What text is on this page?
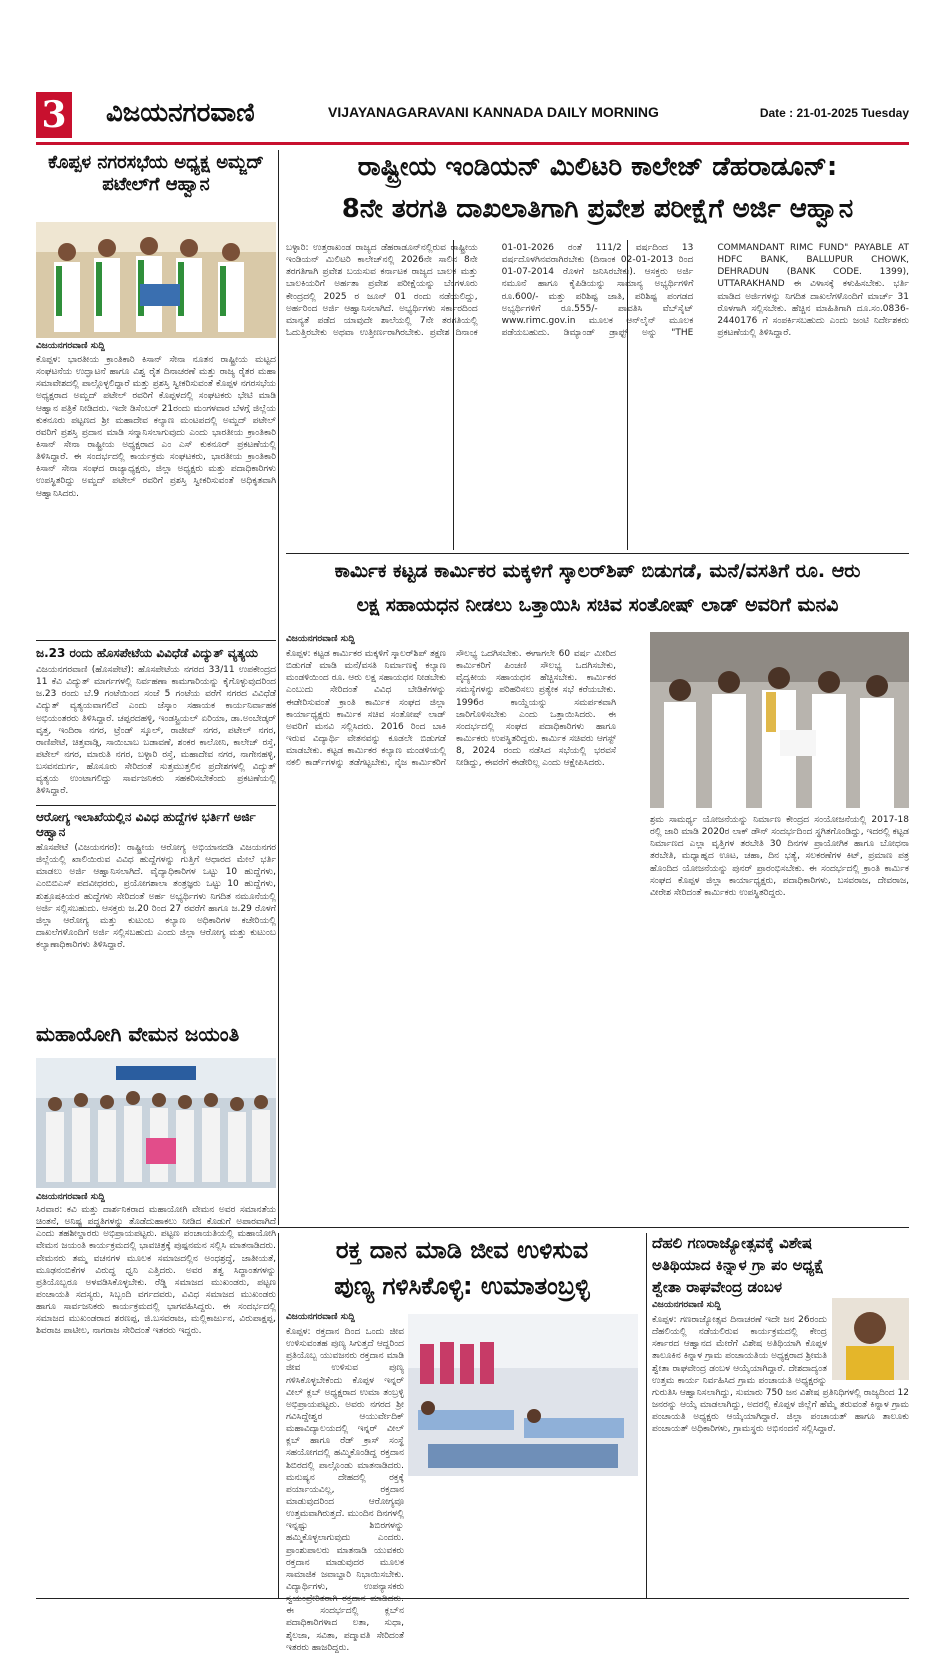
3 ವಿಜಯನಗರವಾಣಿ	VIJAYANAGARAVANI KANNADA DAILY MORNING	Date : 21-01-2025 Tuesday
ಕೊಪ್ಪಳ ನಗರಸಭೆಯ ಅಧ್ಯಕ್ಷ ಅಮ್ಜದ್ ಪಟೇಲ್‌ಗೆ ಆಹ್ವಾನ
ವಿಜಯನಗರವಾಣಿ ಸುದ್ದಿ
ಕೊಪ್ಪಳ: ಭಾರತೀಯ ಕ್ರಾಂತಿಕಾರಿ ಕಿಸಾನ್ ಸೇನಾ ನೂತನ ರಾಷ್ಟ್ರೀಯ ಮಟ್ಟದ ಸಂಘಟನೆಯ ಉದ್ಘಾಟನೆ ಹಾಗೂ ವಿಶ್ವ ರೈತ ದಿನಾಚರಣೆ ಮತ್ತು ರಾಜ್ಯ ರೈತರ ಮಹಾ ಸಮಾವೇಶದಲ್ಲಿ ಪಾಲ್ಗೊಳ್ಳಲಿದ್ದಾರೆ ಮತ್ತು ಪ್ರಶಸ್ತಿ ಸ್ವೀಕರಿಸುವಂತೆ ಕೊಪ್ಪಳ ನಗರಸಭೆಯ ಅಧ್ಯಕ್ಷರಾದ ಅಮ್ಜದ್ ಪಟೇಲ್ ರವರಿಗೆ ಕೊಪ್ಪಳದಲ್ಲಿ ಸಂಘಟಕರು ಭೇಟಿ ಮಾಡಿ ಆಹ್ವಾನ ಪತ್ರಿಕೆ ನೀಡಿದರು. ಇದೇ ಡಿಸೆಂಬರ್ 21ರಂದು ಮಂಗಳವಾರ ಬೆಳಗ್ಗೆ ಜಿಲ್ಲೆಯ ಕುಕನೂರು ಪಟ್ಟಣದ ಶ್ರೀ ಮಹಾದೇವ ಕಲ್ಯಾಣ ಮಂಟಪದಲ್ಲಿ ಅಮ್ಜದ್ ಪಟೇಲ್ ರವರಿಗೆ ಪ್ರಶಸ್ತಿ ಪ್ರದಾನ ಮಾಡಿ ಸನ್ಮಾನಿಸಲಾಗುವುದು ಎಂದು ಭಾರತೀಯ ಕ್ರಾಂತಿಕಾರಿ ಕಿಸಾನ್ ಸೇನಾ ರಾಷ್ಟ್ರೀಯ ಅಧ್ಯಕ್ಷರಾದ ಎಂ ಎಸ್ ಕುಕನೂರ್ ಪ್ರಕಟಣೆಯಲ್ಲಿ ತಿಳಿಸಿದ್ದಾರೆ. ಈ ಸಂದರ್ಭದಲ್ಲಿ ಕಾರ್ಯಕ್ರಮ ಸಂಘಟಕರು, ಭಾರತೀಯ ಕ್ರಾಂತಿಕಾರಿ ಕಿಸಾನ್ ಸೇನಾ ಸಂಘದ ರಾಜ್ಯಾಧ್ಯಕ್ಷರು, ಜಿಲ್ಲಾ ಅಧ್ಯಕ್ಷರು ಮತ್ತು ಪದಾಧಿಕಾರಿಗಳು ಉಪಸ್ಥಿತರಿದ್ದು ಅಮ್ಜದ್ ಪಟೇಲ್ ರವರಿಗೆ ಪ್ರಶಸ್ತಿ ಸ್ವೀಕರಿಸುವಂತೆ ಅಧಿಕೃತವಾಗಿ ಆಹ್ವಾನಿಸಿದರು.
ಜ.23 ರಂದು ಹೊಸಪೇಟೆಯ ವಿವಿಧೆಡೆ ವಿದ್ಯುತ್ ವ್ಯತ್ಯಯ
ವಿಜಯನಗರವಾಣಿ (ಹೊಸಪೇಟೆ): ಹೊಸಪೇಟೆಯ ನಗರದ 33/11 ಉಪಕೇಂದ್ರದ 11 ಕೆವಿ ವಿದ್ಯುತ್ ಮಾರ್ಗಗಳಲ್ಲಿ ನಿರ್ವಹಣಾ ಕಾಮಗಾರಿಯನ್ನು ಕೈಗೊಳ್ಳುವುದರಿಂದ ಜ.23 ರಂದು ಬೆ.9 ಗಂಟೆಯಿಂದ ಸಂಜೆ 5 ಗಂಟೆಯ ವರೆಗೆ ನಗರದ ವಿವಿಧೆಡೆ ವಿದ್ಯುತ್ ವ್ಯತ್ಯಯವಾಗಲಿದೆ ಎಂದು ಜೆಸ್ಕಾಂ ಸಹಾಯಕ ಕಾರ್ಯನಿರ್ವಾಹಕ ಅಭಿಯಂತರರು ತಿಳಿಸಿದ್ದಾರೆ. ಚಪ್ಪರದಹಳ್ಳಿ, ಇಂಡಸ್ಟ್ರಿಯಲ್ ಏರಿಯಾ, ಡಾ.ಅಂಬೇಡ್ಕರ್ ವೃತ್ತ, ಇಂದಿರಾ ನಗರ, ಟ್ರೆಂಡ್ ಸ್ಕೂಲ್, ರಾಜೀವ್ ನಗರ, ಪಟೇಲ್ ನಗರ, ರಾಣಿಪೇಟೆ, ಚಿತ್ತವಾಡ್ಗಿ, ಸಾಯಿಬಾಬ ಬಡಾವಣೆ, ಶಂಕರ ಕಾಲೋನಿ, ಕಾಲೇಜ್ ರಸ್ತೆ, ಪಟೇಲ್ ನಗರ, ಮಾರುತಿ ನಗರ, ಬಳ್ಳಾರಿ ರಸ್ತೆ, ಮಹಾದೇವ ನಗರ, ನಾಗೇನಹಳ್ಳಿ, ಬಸವನದುರ್ಗ, ಹೊಸೂರು ಸೇರಿದಂತೆ ಸುತ್ತಮುತ್ತಲಿನ ಪ್ರದೇಶಗಳಲ್ಲಿ ವಿದ್ಯುತ್ ವ್ಯತ್ಯಯ ಉಂಟಾಗಲಿದ್ದು ಸಾರ್ವಜನಿಕರು ಸಹಕರಿಸಬೇಕೆಂದು ಪ್ರಕಟಣೆಯಲ್ಲಿ ತಿಳಿಸಿದ್ದಾರೆ.
ಆರೋಗ್ಯ ಇಲಾಖೆಯಲ್ಲಿನ ವಿವಿಧ ಹುದ್ದೆಗಳ ಭರ್ತಿಗೆ ಅರ್ಜಿ ಆಹ್ವಾನ
ಹೊಸಪೇಟೆ (ವಿಜಯನಗರ): ರಾಷ್ಟ್ರೀಯ ಆರೋಗ್ಯ ಅಭಿಯಾನದಡಿ ವಿಜಯನಗರ ಜಿಲ್ಲೆಯಲ್ಲಿ ಖಾಲಿಯಿರುವ ವಿವಿಧ ಹುದ್ದೆಗಳನ್ನು ಗುತ್ತಿಗೆ ಆಧಾರದ ಮೇಲೆ ಭರ್ತಿ ಮಾಡಲು ಅರ್ಜಿ ಆಹ್ವಾನಿಸಲಾಗಿದೆ. ವೈದ್ಯಾಧಿಕಾರಿಗಳ ಒಟ್ಟು 10 ಹುದ್ದೆಗಳು, ಎಂಬಿಬಿಎಸ್ ಪದವೀಧರರು, ಪ್ರಯೋಗಶಾಲಾ ತಂತ್ರಜ್ಞರು ಒಟ್ಟು 10 ಹುದ್ದೆಗಳು, ಶುಶ್ರೂಷಕಿಯರ ಹುದ್ದೆಗಳು ಸೇರಿದಂತೆ ಅರ್ಹ ಅಭ್ಯರ್ಥಿಗಳು ನಿಗದಿತ ನಮೂನೆಯಲ್ಲಿ ಅರ್ಜಿ ಸಲ್ಲಿಸಬಹುದು. ಆಸಕ್ತರು ಜ.20 ರಿಂದ 27 ರವರೆಗೆ ಹಾಗೂ ಜ.29 ರೊಳಗೆ ಜಿಲ್ಲಾ ಆರೋಗ್ಯ ಮತ್ತು ಕುಟುಂಬ ಕಲ್ಯಾಣ ಅಧಿಕಾರಿಗಳ ಕಚೇರಿಯಲ್ಲಿ ದಾಖಲೆಗಳೊಂದಿಗೆ ಅರ್ಜಿ ಸಲ್ಲಿಸಬಹುದು ಎಂದು ಜಿಲ್ಲಾ ಆರೋಗ್ಯ ಮತ್ತು ಕುಟುಂಬ ಕಲ್ಯಾಣಾಧಿಕಾರಿಗಳು ತಿಳಿಸಿದ್ದಾರೆ.
ಮಹಾಯೋಗಿ ವೇಮನ ಜಯಂತಿ
ವಿಜಯನಗರವಾಣಿ ಸುದ್ದಿ
ಸಿರವಾರ: ಕವಿ ಮತ್ತು ದಾರ್ಶನಿಕರಾದ ಮಹಾಯೋಗಿ ವೇಮನ ಅವರ ಸಮಾನತೆಯ ಚಿಂತನೆ, ಅನಿಷ್ಟ ಪದ್ಧತಿಗಳನ್ನು ತೊಡೆದುಹಾಕಲು ನೀಡಿದ ಕೊಡುಗೆ ಅಪಾರವಾಗಿದೆ ಎಂದು ತಹಶೀಲ್ದಾರರು ಅಭಿಪ್ರಾಯಪಟ್ಟರು. ಪಟ್ಟಣ ಪಂಚಾಯತಿಯಲ್ಲಿ ಮಹಾಯೋಗಿ ವೇಮನ ಜಯಂತಿ ಕಾರ್ಯಕ್ರಮದಲ್ಲಿ ಭಾವಚಿತ್ರಕ್ಕೆ ಪುಷ್ಪನಮನ ಸಲ್ಲಿಸಿ ಮಾತನಾಡಿದರು. ವೇಮನರು ತಮ್ಮ ವಚನಗಳ ಮೂಲಕ ಸಮಾಜದಲ್ಲಿನ ಅಂಧಶ್ರದ್ಧೆ, ಜಾತೀಯತೆ, ಮೂಢನಂಬಿಕೆಗಳ ವಿರುದ್ಧ ಧ್ವನಿ ಎತ್ತಿದರು. ಅವರ ತತ್ವ ಸಿದ್ಧಾಂತಗಳನ್ನು ಪ್ರತಿಯೊಬ್ಬರೂ ಅಳವಡಿಸಿಕೊಳ್ಳಬೇಕು. ರೆಡ್ಡಿ ಸಮಾಜದ ಮುಖಂಡರು, ಪಟ್ಟಣ ಪಂಚಾಯತಿ ಸದಸ್ಯರು, ಸಿಬ್ಬಂದಿ ವರ್ಗದವರು, ವಿವಿಧ ಸಮಾಜದ ಮುಖಂಡರು ಹಾಗೂ ಸಾರ್ವಜನಿಕರು ಕಾರ್ಯಕ್ರಮದಲ್ಲಿ ಭಾಗವಹಿಸಿದ್ದರು. ಈ ಸಂದರ್ಭದಲ್ಲಿ ಸಮಾಜದ ಮುಖಂಡರಾದ ಶರಣಪ್ಪ, ಜಿ.ಬಸವರಾಜ, ಮಲ್ಲಿಕಾರ್ಜುನ, ವಿರುಪಾಕ್ಷಪ್ಪ, ಶಿವರಾಜ ಪಾಟೀಲ, ನಾಗರಾಜ ಸೇರಿದಂತೆ ಇತರರು ಇದ್ದರು.
ರಾಷ್ಟ್ರೀಯ ಇಂಡಿಯನ್ ಮಿಲಿಟರಿ ಕಾಲೇಜ್ ಡೆಹರಾಡೂನ್:
8ನೇ ತರಗತಿ ದಾಖಲಾತಿಗಾಗಿ ಪ್ರವೇಶ ಪರೀಕ್ಷೆಗೆ ಅರ್ಜಿ ಆಹ್ವಾನ
ಬಳ್ಳಾರಿ: ಉತ್ತರಾಖಂಡ ರಾಜ್ಯದ ಡೆಹರಾಡೂನ್‌ನಲ್ಲಿರುವ ರಾಷ್ಟ್ರೀಯ ಇಂಡಿಯನ್ ಮಿಲಿಟರಿ ಕಾಲೇಜ್‌ನಲ್ಲಿ 2026ನೇ ಸಾಲಿನ 8ನೇ ತರಗತಿಗಾಗಿ ಪ್ರವೇಶ ಬಯಸುವ ಕರ್ನಾಟಕ ರಾಜ್ಯದ ಬಾಲಕ ಮತ್ತು ಬಾಲಕಿಯರಿಗೆ ಅರ್ಹತಾ ಪ್ರವೇಶ ಪರೀಕ್ಷೆಯನ್ನು ಬೆಂಗಳೂರು ಕೇಂದ್ರದಲ್ಲಿ 2025 ರ ಜೂನ್ 01 ರಂದು ನಡೆಯಲಿದ್ದು, ಅರ್ಹರಿಂದ ಅರ್ಜಿ ಆಹ್ವಾನಿಸಲಾಗಿದೆ. ಅಭ್ಯರ್ಥಿಗಳು ಸರ್ಕಾರದಿಂದ ಮಾನ್ಯತೆ ಪಡೆದ ಯಾವುದೇ ಶಾಲೆಯಲ್ಲಿ 7ನೇ ತರಗತಿಯಲ್ಲಿ ಓದುತ್ತಿರಬೇಕು ಅಥವಾ ಉತ್ತೀರ್ಣರಾಗಿರಬೇಕು. ಪ್ರವೇಶ ದಿನಾಂಕ 01-01-2026 ರಂತೆ 111/2 ವರ್ಷದಿಂದ 13 ವರ್ಷದೊಳಗಿನವರಾಗಿರಬೇಕು (ದಿನಾಂಕ 02-01-2013 ರಿಂದ 01-07-2014 ರೊಳಗೆ ಜನಿಸಿರಬೇಕು). ಆಸಕ್ತರು ಅರ್ಜಿ ನಮೂನೆ ಹಾಗೂ ಕೈಪಿಡಿಯನ್ನು ಸಾಮಾನ್ಯ ಅಭ್ಯರ್ಥಿಗಳಿಗೆ ರೂ.600/- ಮತ್ತು ಪರಿಶಿಷ್ಟ ಜಾತಿ, ಪರಿಶಿಷ್ಟ ಪಂಗಡದ ಅಭ್ಯರ್ಥಿಗಳಿಗೆ ರೂ.555/- ಪಾವತಿಸಿ ವೆಬ್‌ಸೈಟ್ www.rimc.gov.in ಮೂಲಕ ಆನ್‌ಲೈನ್ ಮೂಲಕ ಪಡೆಯಬಹುದು. ಡಿಮ್ಯಾಂಡ್ ಡ್ರಾಫ್ಟ್ ಅನ್ನು "THE COMMANDANT RIMC FUND" PAYABLE AT HDFC BANK, BALLUPUR CHOWK, DEHRADUN (BANK CODE. 1399), UTTARAKHAND ಈ ವಿಳಾಸಕ್ಕೆ ಕಳುಹಿಸಬೇಕು. ಭರ್ತಿ ಮಾಡಿದ ಅರ್ಜಿಗಳನ್ನು ನಿಗದಿತ ದಾಖಲೆಗಳೊಂದಿಗೆ ಮಾರ್ಚ್ 31 ರೊಳಗಾಗಿ ಸಲ್ಲಿಸಬೇಕು. ಹೆಚ್ಚಿನ ಮಾಹಿತಿಗಾಗಿ ದೂ.ಸಂ.0836-2440176 ಗೆ ಸಂಪರ್ಕಿಸಬಹುದು ಎಂದು ಜಂಟಿ ನಿರ್ದೇಶಕರು ಪ್ರಕಟಣೆಯಲ್ಲಿ ತಿಳಿಸಿದ್ದಾರೆ.
ಕಾರ್ಮಿಕ ಕಟ್ಟಡ ಕಾರ್ಮಿಕರ ಮಕ್ಕಳಿಗೆ ಸ್ಕಾಲರ್‌ಶಿಪ್ ಬಿಡುಗಡೆ, ಮನೆ/ವಸತಿಗೆ ರೂ. ಆರು
ಲಕ್ಷ ಸಹಾಯಧನ ನೀಡಲು ಒತ್ತಾಯಿಸಿ ಸಚಿವ ಸಂತೋಷ್ ಲಾಡ್ ಅವರಿಗೆ ಮನವಿ
ವಿಜಯನಗರವಾಣಿ ಸುದ್ದಿ
ಕೊಪ್ಪಳ: ಕಟ್ಟಡ ಕಾರ್ಮಿಕರ ಮಕ್ಕಳಿಗೆ ಸ್ಕಾಲರ್‌ಶಿಪ್ ತಕ್ಷಣ ಬಿಡುಗಡೆ ಮಾಡಿ ಮನೆ/ವಸತಿ ನಿರ್ಮಾಣಕ್ಕೆ ಕಲ್ಯಾಣ ಮಂಡಳಿಯಿಂದ ರೂ. ಆರು ಲಕ್ಷ ಸಹಾಯಧನ ನೀಡಬೇಕು ಎಂಬುದು ಸೇರಿದಂತೆ ವಿವಿಧ ಬೇಡಿಕೆಗಳನ್ನು ಈಡೇರಿಸುವಂತೆ ಕ್ರಾಂತಿ ಕಾರ್ಮಿಕ ಸಂಘದ ಜಿಲ್ಲಾ ಕಾರ್ಯಾಧ್ಯಕ್ಷರು ಕಾರ್ಮಿಕ ಸಚಿವ ಸಂತೋಷ್ ಲಾಡ್ ಅವರಿಗೆ ಮನವಿ ಸಲ್ಲಿಸಿದರು. 2016 ರಿಂದ ಬಾಕಿ ಇರುವ ವಿದ್ಯಾರ್ಥಿ ವೇತನವನ್ನು ಕೂಡಲೇ ಬಿಡುಗಡೆ ಮಾಡಬೇಕು. ಕಟ್ಟಡ ಕಾರ್ಮಿಕರ ಕಲ್ಯಾಣ ಮಂಡಳಿಯಲ್ಲಿ ನಕಲಿ ಕಾರ್ಡ್‌ಗಳನ್ನು ತಡೆಗಟ್ಟಬೇಕು, ನೈಜ ಕಾರ್ಮಿಕರಿಗೆ ಸೌಲಭ್ಯ ಒದಗಿಸಬೇಕು. ಈಗಾಗಲೇ 60 ವರ್ಷ ಮೀರಿದ ಕಾರ್ಮಿಕರಿಗೆ ಪಿಂಚಣಿ ಸೌಲಭ್ಯ ಒದಗಿಸಬೇಕು, ವೈದ್ಯಕೀಯ ಸಹಾಯಧನ ಹೆಚ್ಚಿಸಬೇಕು. ಕಾರ್ಮಿಕರ ಸಮಸ್ಯೆಗಳನ್ನು ಪರಿಹರಿಸಲು ಪ್ರತ್ಯೇಕ ಸಭೆ ಕರೆಯಬೇಕು. 1996ರ ಕಾಯ್ದೆಯನ್ನು ಸಮರ್ಪಕವಾಗಿ ಜಾರಿಗೊಳಿಸಬೇಕು ಎಂದು ಒತ್ತಾಯಿಸಿದರು. ಈ ಸಂದರ್ಭದಲ್ಲಿ ಸಂಘದ ಪದಾಧಿಕಾರಿಗಳು ಹಾಗೂ ಕಾರ್ಮಿಕರು ಉಪಸ್ಥಿತರಿದ್ದರು. ಕಾರ್ಮಿಕ ಸಚಿವರು ಆಗಸ್ಟ್ 8, 2024 ರಂದು ನಡೆಸಿದ ಸಭೆಯಲ್ಲಿ ಭರವಸೆ ನೀಡಿದ್ದು, ಈವರೆಗೆ ಈಡೇರಿಲ್ಲ ಎಂದು ಆಕ್ಷೇಪಿಸಿದರು.
ಶ್ರಮ ಸಾಮರ್ಥ್ಯ ಯೋಜನೆಯನ್ನು ನಿರ್ಮಾಣ ಕೇಂದ್ರದ ಸಂಯೋಜನೆಯಲ್ಲಿ 2017-18 ರಲ್ಲಿ ಜಾರಿ ಮಾಡಿ 2020ರ ಲಾಕ್ ಡೌನ್ ಸಂದರ್ಭದಿಂದ ಸ್ಥಗಿತಗೊಂಡಿದ್ದು, ಇದರಲ್ಲಿ ಕಟ್ಟಡ ನಿರ್ಮಾಣದ ಎಲ್ಲಾ ವೃತ್ತಿಗಳ ತರಬೇತಿ 30 ದಿನಗಳ ಪ್ರಾಯೋಗಿಕ ಹಾಗೂ ಬೋಧನಾ ತರಬೇತಿ, ಮಧ್ಯಾಹ್ನದ ಊಟ, ಚಹಾ, ದಿನ ಭತ್ಯೆ, ಸಲಕರಣೆಗಳ ಕಿಟ್, ಪ್ರಮಾಣ ಪತ್ರ ಹೊಂದಿದ ಯೋಜನೆಯನ್ನು ಪುನರ್ ಪ್ರಾರಂಭಿಸಬೇಕು. ಈ ಸಂದರ್ಭದಲ್ಲಿ ಕ್ರಾಂತಿ ಕಾರ್ಮಿಕ ಸಂಘದ ಕೊಪ್ಪಳ ಜಿಲ್ಲಾ ಕಾರ್ಯಾಧ್ಯಕ್ಷರು, ಪದಾಧಿಕಾರಿಗಳು, ಬಸವರಾಜ, ದೇವರಾಜ, ವೀರೇಶ ಸೇರಿದಂತೆ ಕಾರ್ಮಿಕರು ಉಪಸ್ಥಿತರಿದ್ದರು.
ರಕ್ತ ದಾನ ಮಾಡಿ ಜೀವ ಉಳಿಸುವ
ಪುಣ್ಯ ಗಳಿಸಿಕೊಳ್ಳಿ: ಉಮಾತಂಬ್ರಳ್ಳಿ
ವಿಜಯನಗರವಾಣಿ ಸುದ್ದಿ
ಕೊಪ್ಪಳ: ರಕ್ತದಾನ ದಿಂದ ಒಂದು ಜೀವ ಉಳಿಸುವಂತಹ ಪುಣ್ಯ ಸಿಗುತ್ತದೆ ಆದ್ದರಿಂದ ಪ್ರತಿಯೊಬ್ಬ ಯುವಜನರು ರಕ್ತದಾನ ಮಾಡಿ ಜೀವ ಉಳಿಸುವ ಪುಣ್ಯ ಗಳಿಸಿಕೊಳ್ಳಬೇಕೆಂದು ಕೊಪ್ಪಳ ಇನ್ನರ್ ವೀಲ್ ಕ್ಲಬ್ ಅಧ್ಯಕ್ಷರಾದ ಉಮಾ ತಂಬ್ರಳ್ಳಿ ಅಭಿಪ್ರಾಯಪಟ್ಟರು. ಅವರು ನಗರದ ಶ್ರೀ ಗವಿಸಿದ್ದೇಶ್ವರ ಆಯುರ್ವೇದಿಕ್ ಮಹಾವಿದ್ಯಾಲಯದಲ್ಲಿ ಇನ್ನರ್ ವೀಲ್ ಕ್ಲಬ್ ಹಾಗೂ ರೆಡ್ ಕ್ರಾಸ್ ಸಂಸ್ಥೆ ಸಹಯೋಗದಲ್ಲಿ ಹಮ್ಮಿಕೊಂಡಿದ್ದ ರಕ್ತದಾನ ಶಿಬಿರದಲ್ಲಿ ಪಾಲ್ಗೊಂಡು ಮಾತನಾಡಿದರು. ಮನುಷ್ಯನ ದೇಹದಲ್ಲಿ ರಕ್ತಕ್ಕೆ ಪರ್ಯಾಯವಿಲ್ಲ, ರಕ್ತದಾನ ಮಾಡುವುದರಿಂದ ಆರೋಗ್ಯವೂ ಉತ್ತಮವಾಗಿರುತ್ತದೆ. ಮುಂದಿನ ದಿನಗಳಲ್ಲಿ ಇನ್ನಷ್ಟು ಶಿಬಿರಗಳನ್ನು ಹಮ್ಮಿಕೊಳ್ಳಲಾಗುವುದು ಎಂದರು. ಪ್ರಾಂಶುಪಾಲರು ಮಾತನಾಡಿ ಯುವಕರು ರಕ್ತದಾನ ಮಾಡುವುದರ ಮೂಲಕ ಸಾಮಾಜಿಕ ಜವಾಬ್ದಾರಿ ನಿಭಾಯಿಸಬೇಕು. ವಿದ್ಯಾರ್ಥಿಗಳು, ಉಪನ್ಯಾಸಕರು ಸ್ವಯಂಪ್ರೇರಿತರಾಗಿ ರಕ್ತದಾನ ಮಾಡಿದರು. ಈ ಸಂದರ್ಭದಲ್ಲಿ ಕ್ಲಬ್‌ನ ಪದಾಧಿಕಾರಿಗಳಾದ ಲತಾ, ಸುಧಾ, ಶೈಲಜಾ, ಸವಿತಾ, ಪದ್ಮಾವತಿ ಸೇರಿದಂತೆ ಇತರರು ಹಾಜರಿದ್ದರು.
ದೆಹಲಿ ಗಣರಾಜ್ಯೋತ್ಸವಕ್ಕೆ ವಿಶೇಷ
ಅತಿಥಿಯಾದ ಕಿನ್ನಾಳ ಗ್ರಾ ಪಂ ಅಧ್ಯಕ್ಷೆ
ಶ್ವೇತಾ ರಾಘವೇಂದ್ರ ಡಂಬಳ
ವಿಜಯನಗರವಾಣಿ ಸುದ್ದಿ
ಕೊಪ್ಪಳ: ಗಣರಾಜ್ಯೋತ್ಸವ ದಿನಾಚರಣೆ ಇದೇ ಜನ 26ರಂದು ದೆಹಲಿಯಲ್ಲಿ ನಡೆಯಲಿರುವ ಕಾರ್ಯಕ್ರಮದಲ್ಲಿ ಕೇಂದ್ರ ಸರ್ಕಾರದ ಆಹ್ವಾನದ ಮೇರೆಗೆ ವಿಶೇಷ ಅತಿಥಿಯಾಗಿ ಕೊಪ್ಪಳ ತಾಲೂಕಿನ ಕಿನ್ನಾಳ ಗ್ರಾಮ ಪಂಚಾಯತಿಯ ಅಧ್ಯಕ್ಷರಾದ ಶ್ರೀಮತಿ ಶ್ವೇತಾ ರಾಘವೇಂದ್ರ ಡಂಬಳ ಆಯ್ಕೆಯಾಗಿದ್ದಾರೆ. ದೇಶದಾದ್ಯಂತ ಉತ್ತಮ ಕಾರ್ಯ ನಿರ್ವಹಿಸಿದ ಗ್ರಾಮ ಪಂಚಾಯತಿ ಅಧ್ಯಕ್ಷರನ್ನು ಗುರುತಿಸಿ ಆಹ್ವಾನಿಸಲಾಗಿದ್ದು, ಸುಮಾರು 750 ಜನ ವಿಶೇಷ ಪ್ರತಿನಿಧಿಗಳಲ್ಲಿ ರಾಜ್ಯದಿಂದ 12 ಜನರನ್ನು ಆಯ್ಕೆ ಮಾಡಲಾಗಿದ್ದು, ಅದರಲ್ಲಿ ಕೊಪ್ಪಳ ಜಿಲ್ಲೆಗೆ ಹೆಮ್ಮೆ ತರುವಂತೆ ಕಿನ್ನಾಳ ಗ್ರಾಮ ಪಂಚಾಯತಿ ಅಧ್ಯಕ್ಷರು ಆಯ್ಕೆಯಾಗಿದ್ದಾರೆ. ಜಿಲ್ಲಾ ಪಂಚಾಯತ್ ಹಾಗೂ ತಾಲೂಕು ಪಂಚಾಯತ್ ಅಧಿಕಾರಿಗಳು, ಗ್ರಾಮಸ್ಥರು ಅಭಿನಂದನೆ ಸಲ್ಲಿಸಿದ್ದಾರೆ.
